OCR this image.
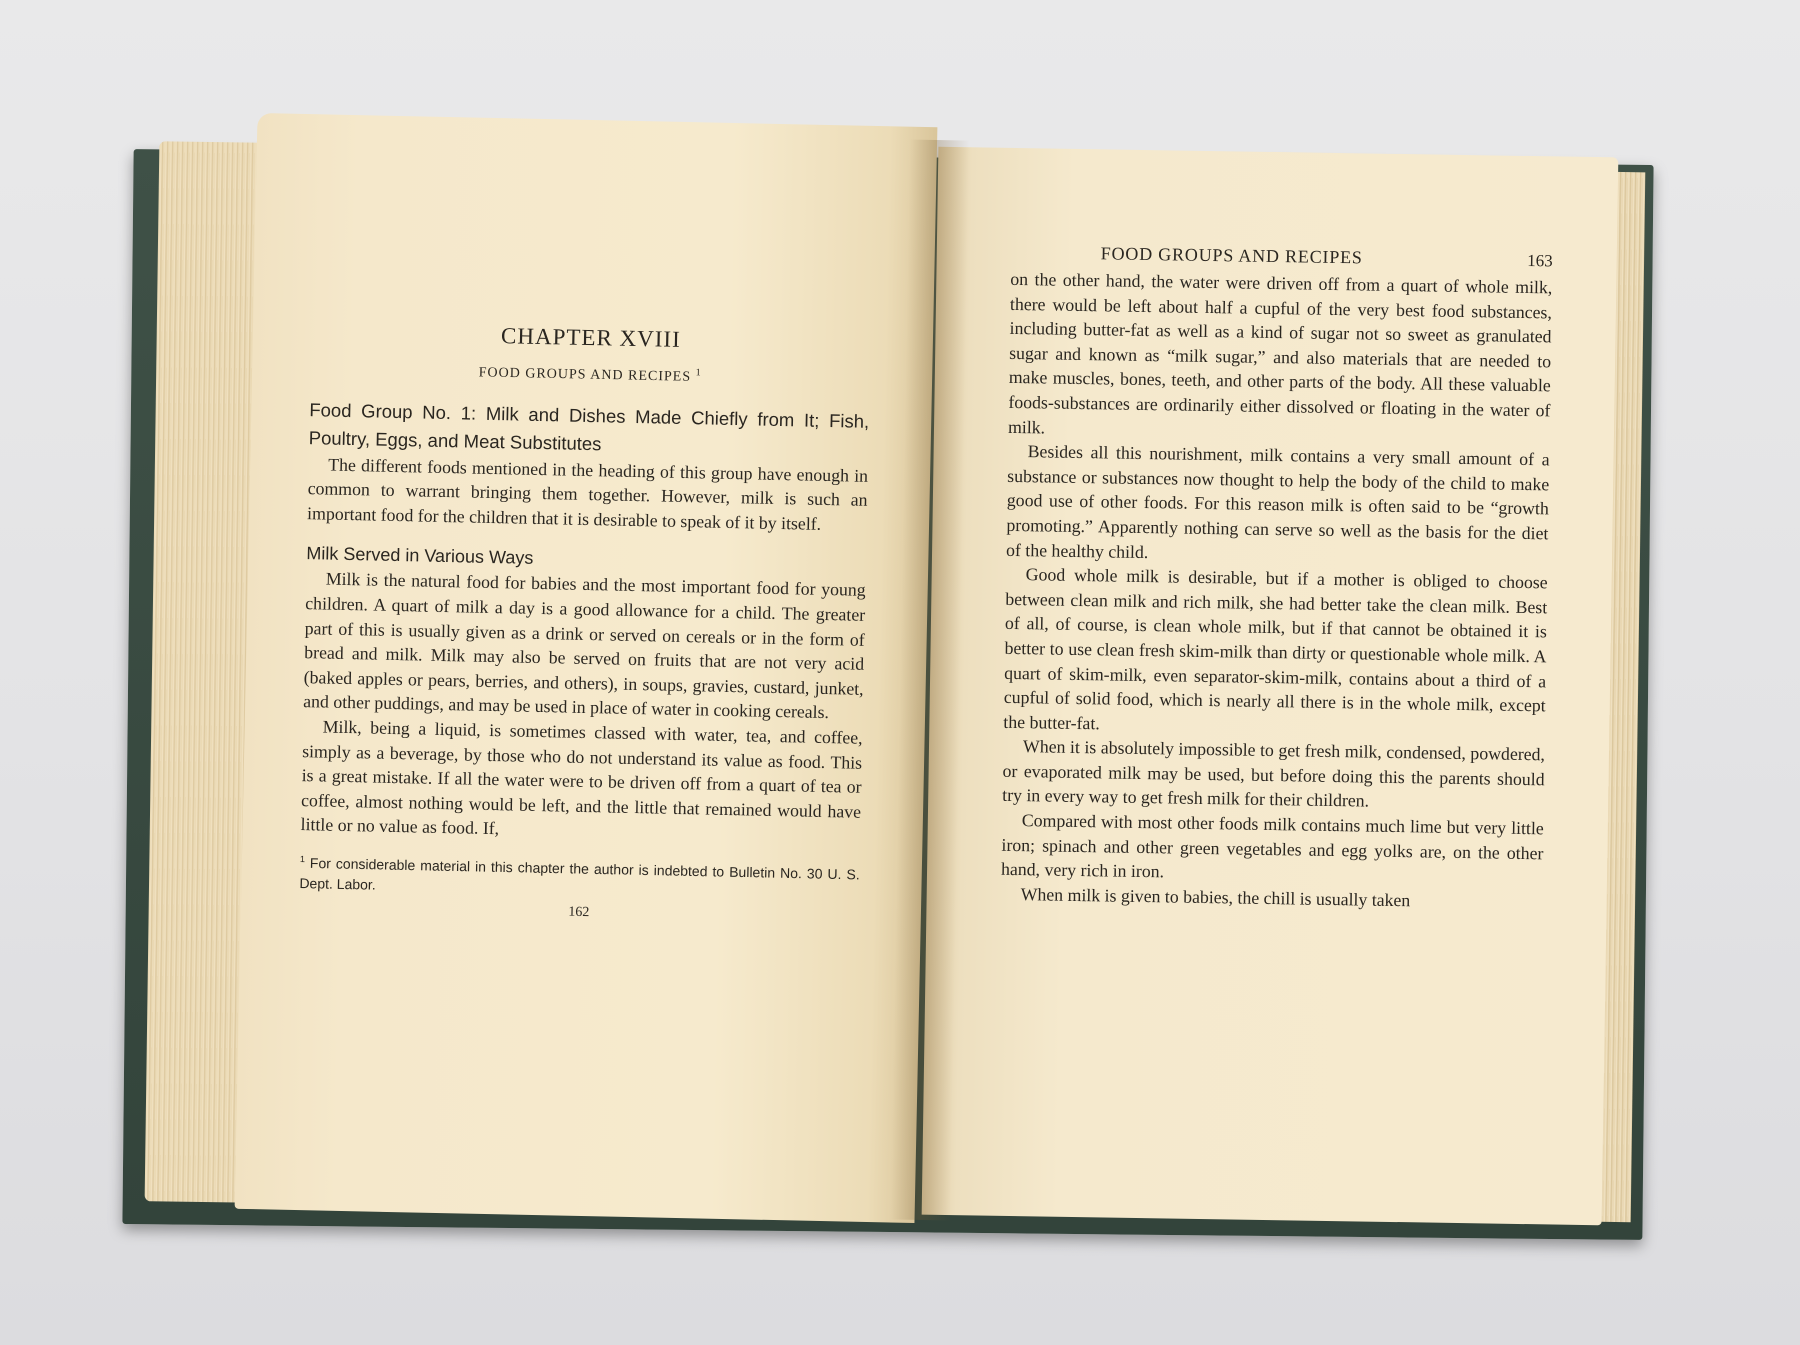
CHAPTER XVIII
FOOD GROUPS AND RECIPES $^1$
Food Group No. 1: Milk and Dishes Made Chiefly from It; Fish, Poultry, Eggs, and Meat Substitutes

The different foods mentioned in the heading of this group have enough in common to warrant bringing them together. However, milk is such an important food for the children that it is desirable to speak of it by itself.

Milk Served in Various Ways

Milk is the natural food for babies and the most important food for young children. A quart of milk a day is a good allowance for a child. The greater part of this is usually given as a drink or served on cereals or in the form of bread and milk. Milk may also be served on fruits that are not very acid (baked apples or pears, berries, and others), in soups, gravies, custard, junket, and other puddings, and may be used in place of water in cooking cereals.

Milk, being a liquid, is sometimes classed with water, tea, and coffee, simply as a beverage, by those who do not understand its value as food. This is a great mistake. If all the water were to be driven off from a quart of tea or coffee, almost nothing would be left, and the little that remained would have little or no value as food. If,

$^1$ For considerable material in this chapter the author is indebted to Bulletin No. 30 U. S. Dept. Labor.
162
FOOD GROUPS AND RECIPES	163

on the other hand, the water were driven off from a quart of whole milk, there would be left about half a cupful of the very best food substances, including butter-fat as well as a kind of sugar not so sweet as granulated sugar and known as “milk sugar,” and also materials that are needed to make muscles, bones, teeth, and other parts of the body. All these valuable foods-substances are ordinarily either dissolved or floating in the water of milk.

Besides all this nourishment, milk contains a very small amount of a substance or substances now thought to help the body of the child to make good use of other foods. For this reason milk is often said to be “growth promoting.” Apparently nothing can serve so well as the basis for the diet of the healthy child.

Good whole milk is desirable, but if a mother is obliged to choose between clean milk and rich milk, she had better take the clean milk. Best of all, of course, is clean whole milk, but if that cannot be obtained it is better to use clean fresh skim-milk than dirty or questionable whole milk. A quart of skim-milk, even separator-skim-milk, contains about a third of a cupful of solid food, which is nearly all there is in the whole milk, except the butter-fat.

When it is absolutely impossible to get fresh milk, condensed, powdered, or evaporated milk may be used, but before doing this the parents should try in every way to get fresh milk for their children.

Compared with most other foods milk contains much lime but very little iron; spinach and other green vegetables and egg yolks are, on the other hand, very rich in iron.

When milk is given to babies, the chill is usually taken
